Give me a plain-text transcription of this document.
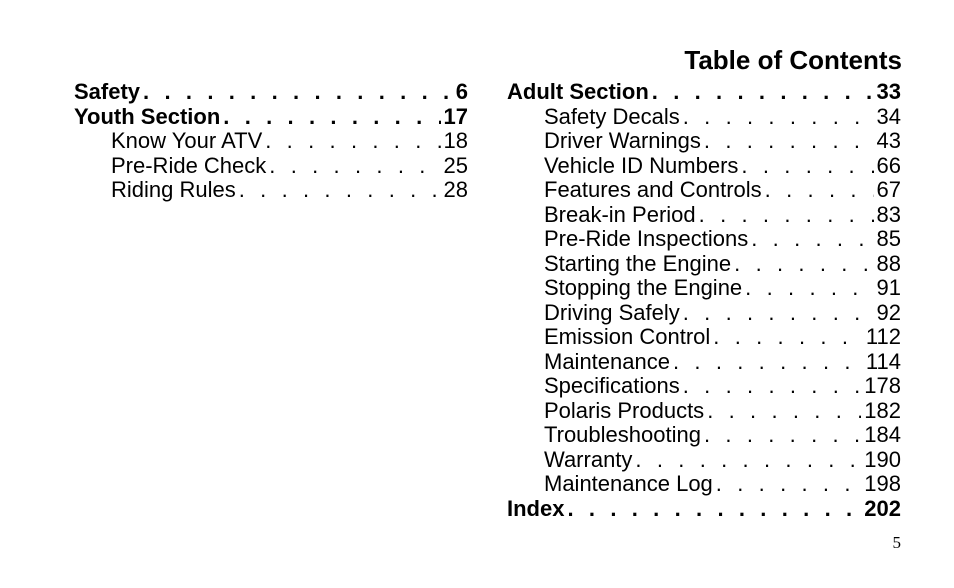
Table of Contents
Safety . . .	6
Youth Section . . .	17
Know Your ATV . . .	18
Pre-Ride Check . . .	25
Riding Rules . . .	28
Adult Section . . .	33
Safety Decals . . .	34
Driver Warnings . . .	43
Vehicle ID Numbers . . .	66
Features and Controls . . .	67
Break-in Period . . .	83
Pre-Ride Inspections . . .	85
Starting the Engine . . .	88
Stopping the Engine . . .	91
Driving Safely . . .	92
Emission Control . . .	112
Maintenance . . .	114
Specifications . . .	178
Polaris Products . . .	182
Troubleshooting . . .	184
Warranty . . .	190
Maintenance Log . . .	198
Index . . .	202
5
